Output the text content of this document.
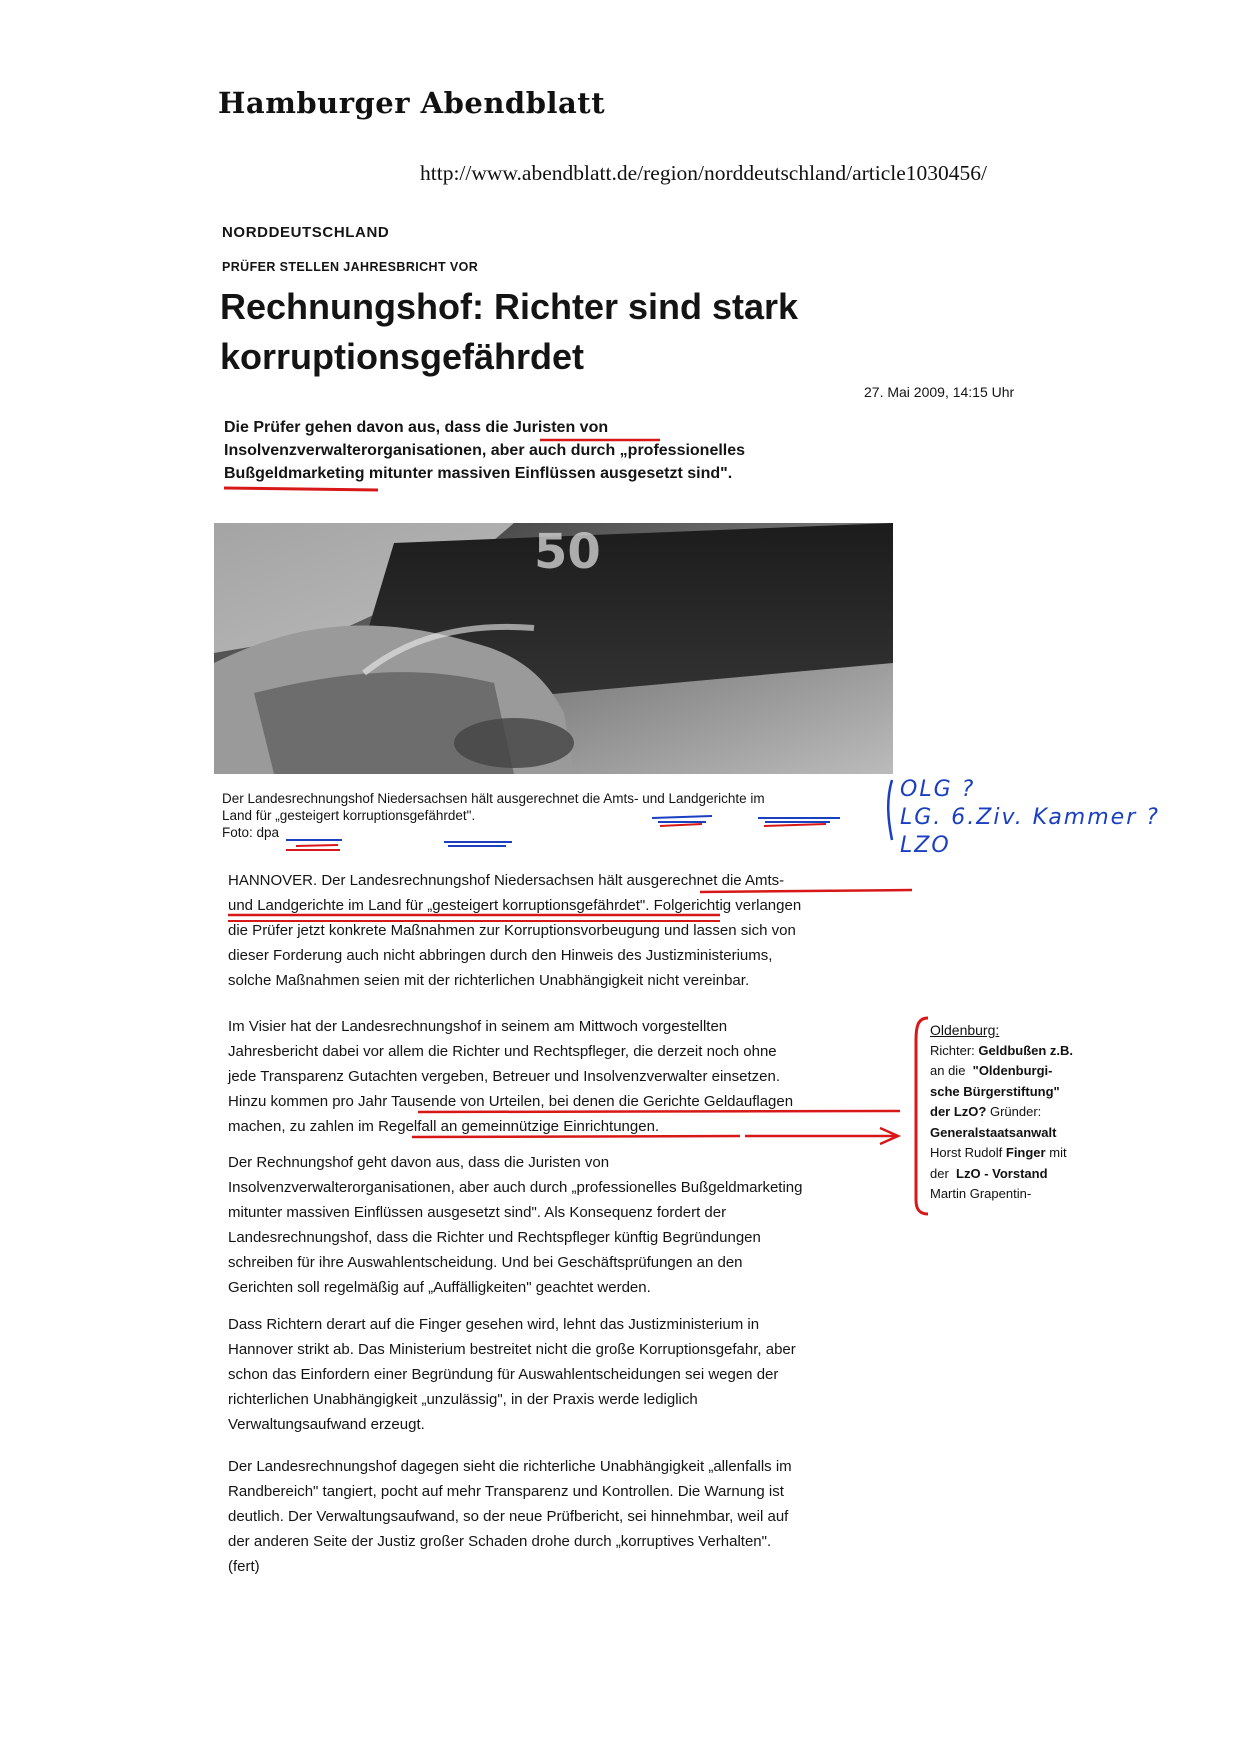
Hamburger Abendblatt
http://www.abendblatt.de/region/norddeutschland/article1030456/
NORDDEUTSCHLAND
PRÜFER STELLEN JAHRESBRICHT VOR
Rechnungshof: Richter sind stark
korruptionsgefährdet
27. Mai 2009, 14:15 Uhr
Die Prüfer gehen davon aus, dass die Juristen von
Insolvenzverwalterorganisationen, aber auch durch „professionelles
Bußgeldmarketing mitunter massiven Einflüssen ausgesetzt sind".
50
Der Landesrechnungshof Niedersachsen hält ausgerechnet die Amts- und Landgerichte im
Land für „gesteigert korruptionsgefährdet".
Foto: dpa
OLG ?
LG. 6.Ziv. Kammer ?
LZO
HANNOVER. Der Landesrechnungshof Niedersachsen hält ausgerechnet die Amts-
und Landgerichte im Land für „gesteigert korruptionsgefährdet". Folgerichtig verlangen
die Prüfer jetzt konkrete Maßnahmen zur Korruptionsvorbeugung und lassen sich von
dieser Forderung auch nicht abbringen durch den Hinweis des Justizministeriums,
solche Maßnahmen seien mit der richterlichen Unabhängigkeit nicht vereinbar.
Im Visier hat der Landesrechnungshof in seinem am Mittwoch vorgestellten
Jahresbericht dabei vor allem die Richter und Rechtspfleger, die derzeit noch ohne
jede Transparenz Gutachten vergeben, Betreuer und Insolvenzverwalter einsetzen.
Hinzu kommen pro Jahr Tausende von Urteilen, bei denen die Gerichte Geldauflagen
machen, zu zahlen im Regelfall an gemeinnützige Einrichtungen.
Der Rechnungshof geht davon aus, dass die Juristen von
Insolvenzverwalterorganisationen, aber auch durch „professionelles Bußgeldmarketing
mitunter massiven Einflüssen ausgesetzt sind". Als Konsequenz fordert der
Landesrechnungshof, dass die Richter und Rechtspfleger künftig Begründungen
schreiben für ihre Auswahlentscheidung. Und bei Geschäftsprüfungen an den
Gerichten soll regelmäßig auf „Auffälligkeiten" geachtet werden.
Dass Richtern derart auf die Finger gesehen wird, lehnt das Justizministerium in
Hannover strikt ab. Das Ministerium bestreitet nicht die große Korruptionsgefahr, aber
schon das Einfordern einer Begründung für Auswahlentscheidungen sei wegen der
richterlichen Unabhängigkeit „unzulässig", in der Praxis werde lediglich
Verwaltungsaufwand erzeugt.
Der Landesrechnungshof dagegen sieht die richterliche Unabhängigkeit „allenfalls im
Randbereich" tangiert, pocht auf mehr Transparenz und Kontrollen. Die Warnung ist
deutlich. Der Verwaltungsaufwand, so der neue Prüfbericht, sei hinnehmbar, weil auf
der anderen Seite der Justiz großer Schaden drohe durch „korruptives Verhalten".
(fert)
Oldenburg:
Richter: Geldbußen z.B.
an die "Oldenburgi-
sche Bürgerstiftung"
der LzO? Gründer:
Generalstaatsanwalt
Horst Rudolf Finger mit
der LzO - Vorstand
Martin Grapentin-
